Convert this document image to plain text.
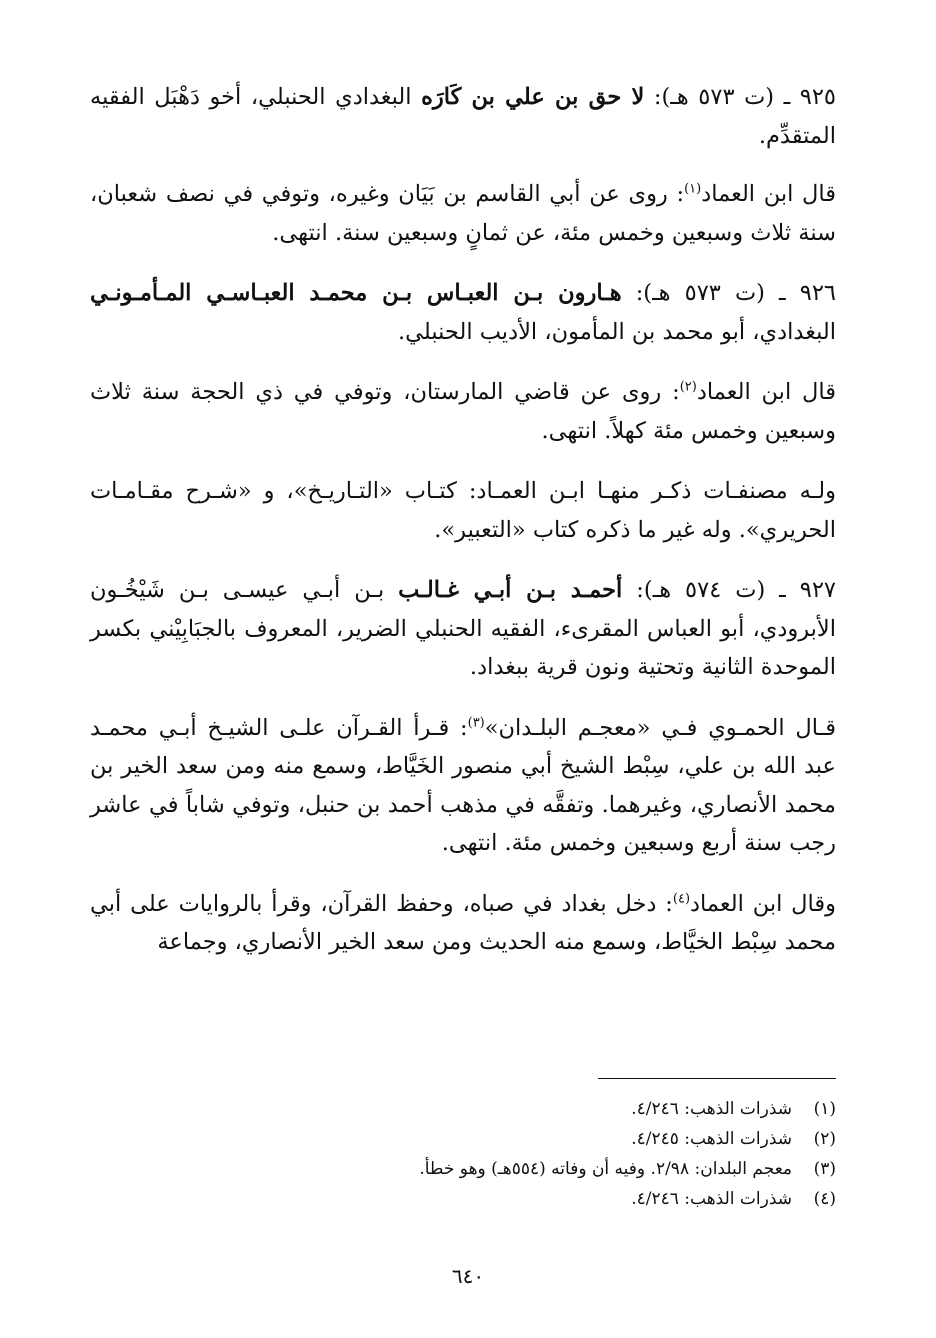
٩٢٥ ـ (ت ٥٧٣ هـ): لا حق بن علي بن كَارَه البغدادي الحنبلي، أخو دَهْبَل الفقيه المتقدِّم.

قال ابن العماد$^{(١)}$: روى عن أبي القاسم بن بَيَان وغيره، وتوفي في نصف شعبان، سنة ثلاث وسبعين وخمس مئة، عن ثمانٍ وسبعين سنة. انتهى.

٩٢٦ ـ (ت ٥٧٣ هـ): هـارون بـن العبـاس بـن محمـد العبـاسـي المـأمـونـي البغدادي، أبو محمد بن المأمون، الأديب الحنبلي.

قال ابن العماد$^{(٢)}$: روى عن قاضي المارستان، وتوفي في ذي الحجة سنة ثلاث وسبعين وخمس مئة كهلاً. انتهى.

ولـه مصنفـات ذكـر منهـا ابـن العمـاد: كتـاب «التـاريـخ»، و «شـرح مقـامـات الحريري». وله غير ما ذكره كتاب «التعبير».

٩٢٧ ـ (ت ٥٧٤ هـ): أحمـد بـن أبـي غـالـب بـن أبـي عيسـى بـن شَيْخُـون الأبرودي، أبو العباس المقرىء، الفقيه الحنبلي الضرير، المعروف بالجبَابِيْني بكسر الموحدة الثانية وتحتية ونون قرية ببغداد.

قـال الحمـوي فـي «معجـم البلـدان»$^{(٣)}$: قـرأ القـرآن علـى الشيـخ أبـي محمـد عبد الله بن علي، سِبْط الشيخ أبي منصور الخَيَّاط، وسمع منه ومن سعد الخير بن محمد الأنصاري، وغيرهما. وتفقَّه في مذهب أحمد بن حنبل، وتوفي شاباً في عاشر رجب سنة أربع وسبعين وخمس مئة. انتهى.

وقال ابن العماد$^{(٤)}$: دخل بغداد في صباه، وحفظ القرآن، وقرأ بالروايات على أبي محمد سِبْط الخيَّاط، وسمع منه الحديث ومن سعد الخير الأنصاري، وجماعة

(١)
شذرات الذهب: ٤/٢٤٦.
(٢)
شذرات الذهب: ٤/٢٤٥.
(٣)
معجم البلدان: ٢/٩٨. وفيه أن وفاته (٥٥٤هـ) وهو خطأ.
(٤)
شذرات الذهب: ٤/٢٤٦.
٦٤٠
